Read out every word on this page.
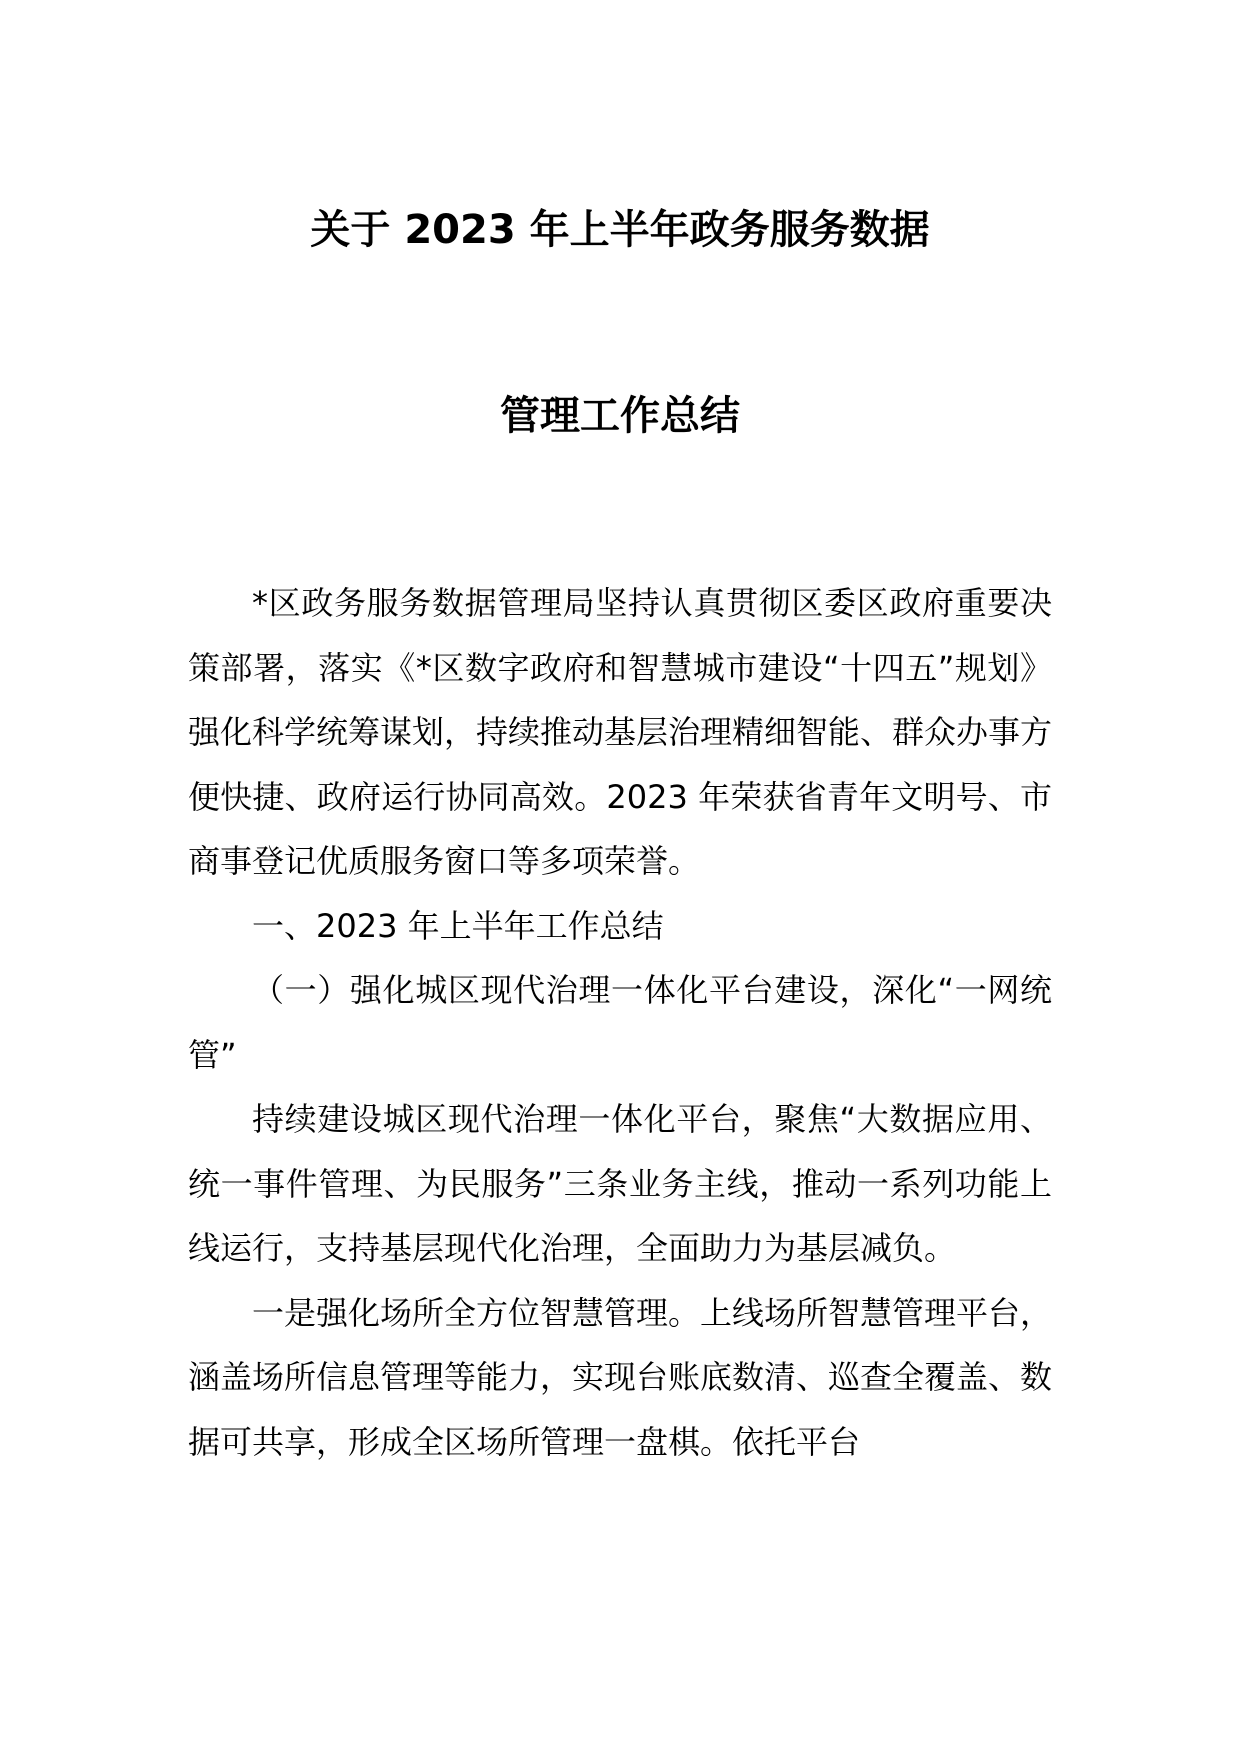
关于 2023 年上半年政务服务数据
管理工作总结

*区政务服务数据管理局坚持认真贯彻区委区政府重要决策部署，落实《*区数字政府和智慧城市建设“十四五”规划》强化科学统筹谋划，持续推动基层治理精细智能、群众办事方便快捷、政府运行协同高效。2023 年荣获省青年文明号、市商事登记优质服务窗口等多项荣誉。

一、2023 年上半年工作总结

（一）强化城区现代治理一体化平台建设，深化“一网统管”

持续建设城区现代治理一体化平台，聚焦“大数据应用、统一事件管理、为民服务”三条业务主线，推动一系列功能上线运行，支持基层现代化治理，全面助力为基层减负。

一是强化场所全方位智慧管理。上线场所智慧管理平台，涵盖场所信息管理等能力，实现台账底数清、巡查全覆盖、数据可共享，形成全区场所管理一盘棋。依托平台
